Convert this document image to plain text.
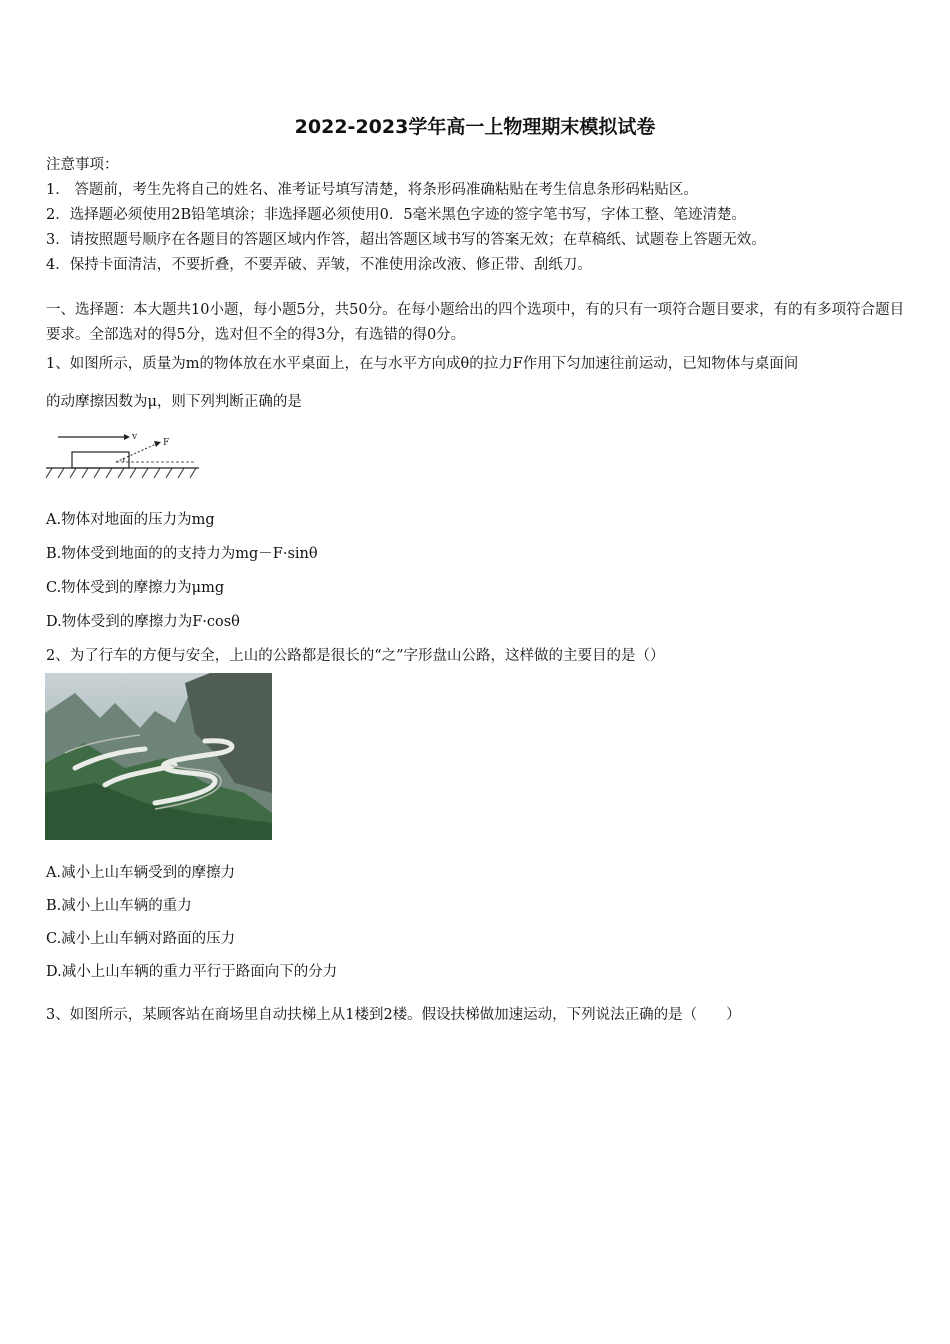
2022-2023学年高一上物理期末模拟试卷
注意事项：
1． 答题前，考生先将自己的姓名、准考证号填写清楚，将条形码准确粘贴在考生信息条形码粘贴区。
2．选择题必须使用2B铅笔填涂；非选择题必须使用0．5毫米黑色字迹的签字笔书写，字体工整、笔迹清楚。
3．请按照题号顺序在各题目的答题区域内作答，超出答题区域书写的答案无效；在草稿纸、试题卷上答题无效。
4．保持卡面清洁，不要折叠，不要弄破、弄皱，不准使用涂改液、修正带、刮纸刀。
一、选择题：本大题共10小题，每小题5分，共50分。在每小题给出的四个选项中，有的只有一项符合题目要求，有的有多项符合题目要求。全部选对的得5分，选对但不全的得3分，有选错的得0分。
1、如图所示，质量为m的物体放在水平桌面上，在与水平方向成θ的拉力F作用下匀加速往前运动，已知物体与桌面间
的动摩擦因数为μ，则下列判断正确的是
v
F
A.物体对地面的压力为mg
B.物体受到地面的的支持力为mg－F·sinθ
C.物体受到的摩擦力为μmg
D.物体受到的摩擦力为F·cosθ
2、为了行车的方便与安全，上山的公路都是很长的“之”字形盘山公路，这样做的主要目的是（）
A.减小上山车辆受到的摩擦力
B.减小上山车辆的重力
C.减小上山车辆对路面的压力
D.减小上山车辆的重力平行于路面向下的分力
3、如图所示，某顾客站在商场里自动扶梯上从1楼到2楼。假设扶梯做加速运动，下列说法正确的是（　　）
